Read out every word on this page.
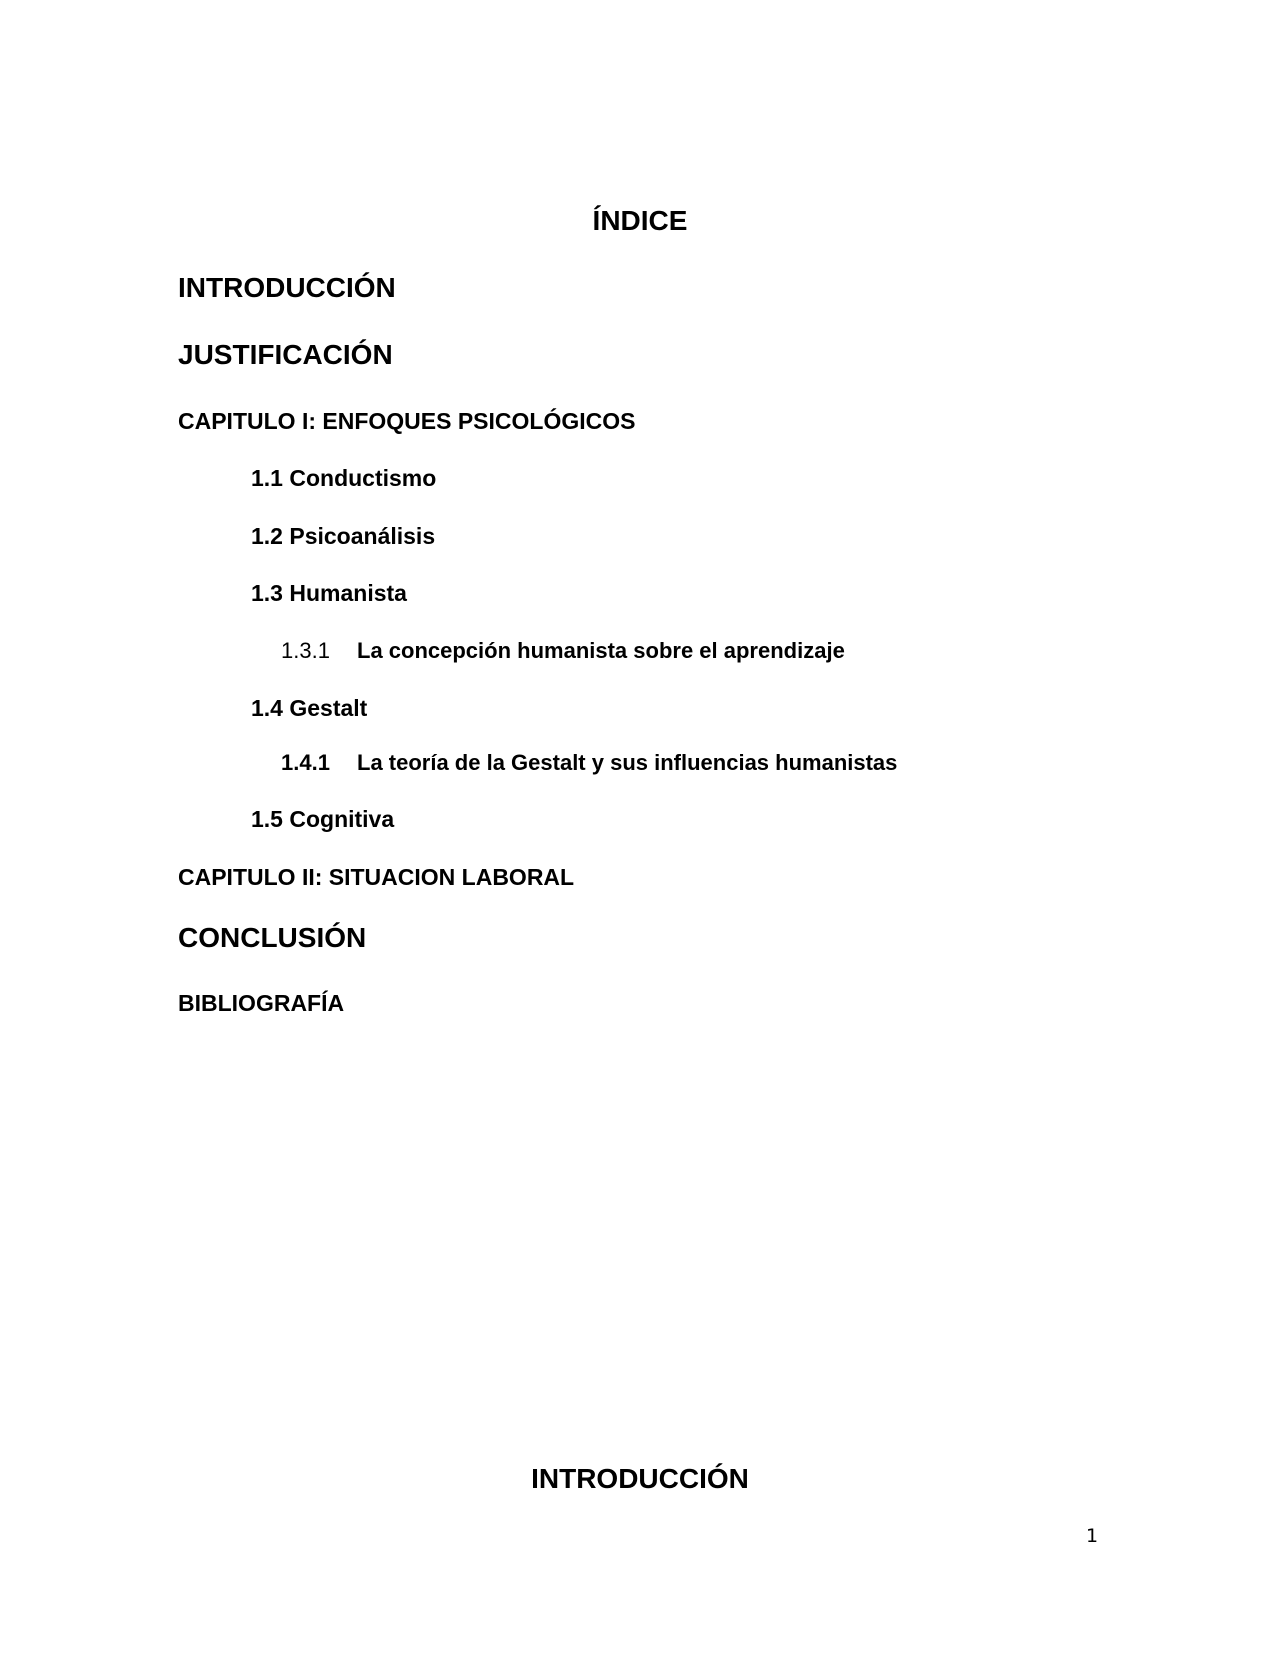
ÍNDICE
INTRODUCCIÓN
JUSTIFICACIÓN
CAPITULO I: ENFOQUES PSICOLÓGICOS
1.1 Conductismo
1.2 Psicoanálisis
1.3 Humanista
1.3.1 La concepción humanista sobre el aprendizaje
1.4 Gestalt
1.4.1 La teoría de la Gestalt y sus influencias humanistas
1.5 Cognitiva
CAPITULO II: SITUACION LABORAL
CONCLUSIÓN
BIBLIOGRAFÍA
INTRODUCCIÓN
1
